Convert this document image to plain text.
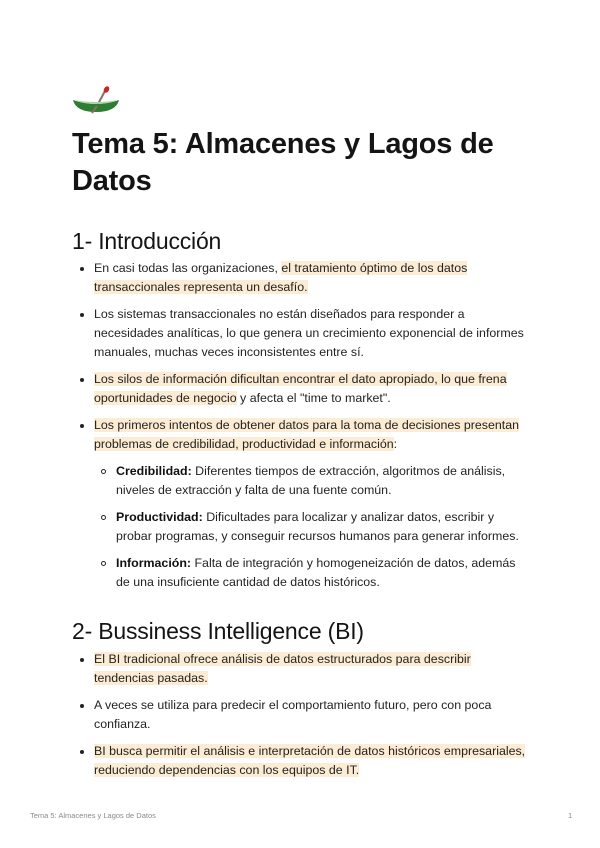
Tema 5: Almacenes y Lagos de Datos
1- Introducción
En casi todas las organizaciones, el tratamiento óptimo de los datos transaccionales representa un desafío.
Los sistemas transaccionales no están diseñados para responder a necesidades analíticas, lo que genera un crecimiento exponencial de informes manuales, muchas veces inconsistentes entre sí.
Los silos de información dificultan encontrar el dato apropiado, lo que frena oportunidades de negocio y afecta el "time to market".
Los primeros intentos de obtener datos para la toma de decisiones presentan problemas de credibilidad, productividad e información:
Credibilidad: Diferentes tiempos de extracción, algoritmos de análisis, niveles de extracción y falta de una fuente común.
Productividad: Dificultades para localizar y analizar datos, escribir y probar programas, y conseguir recursos humanos para generar informes.
Información: Falta de integración y homogeneización de datos, además de una insuficiente cantidad de datos históricos.
2- Bussiness Intelligence (BI)
El BI tradicional ofrece análisis de datos estructurados para describir tendencias pasadas.
A veces se utiliza para predecir el comportamiento futuro, pero con poca confianza.
BI busca permitir el análisis e interpretación de datos históricos empresariales, reduciendo dependencias con los equipos de IT.
Tema 5: Almacenes y Lagos de Datos	1
